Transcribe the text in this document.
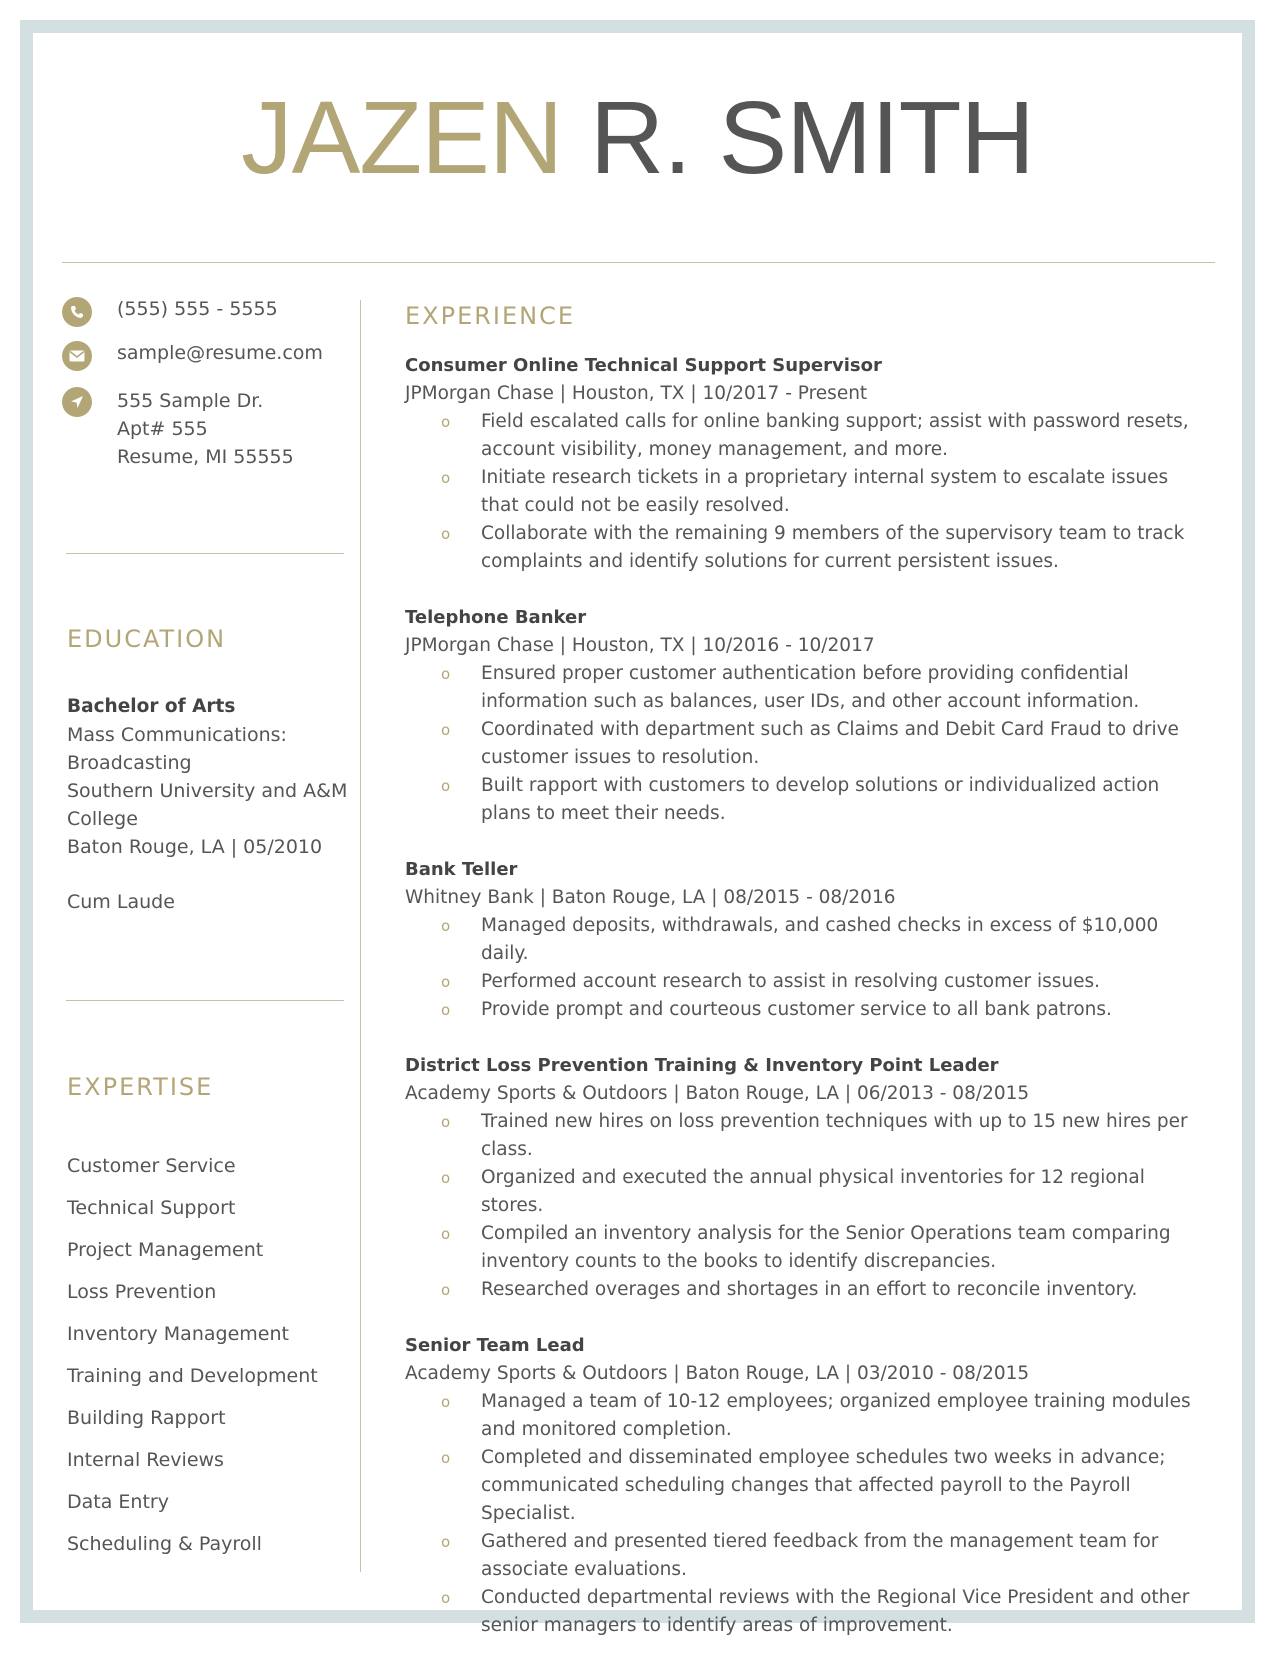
JAZEN R. SMITH
(555) 555 - 5555
sample@resume.com
555 Sample Dr.
Apt# 555
Resume, MI 55555
EDUCATION

Bachelor of Arts

Mass Communications:

Broadcasting

Southern University and A&M

College

Baton Rouge, LA | 05/2010

Cum Laude

EXPERTISE
Customer Service
Technical Support
Project Management
Loss Prevention
Inventory Management
Training and Development
Building Rapport
Internal Reviews
Data Entry
Scheduling & Payroll
EXPERIENCE
Consumer Online Technical Support Supervisor
JPMorgan Chase | Houston, TX | 10/2017 - Present
o Field escalated calls for online banking support; assist with password resets, account visibility, money management, and more.
o Initiate research tickets in a proprietary internal system to escalate issues that could not be easily resolved.
o Collaborate with the remaining 9 members of the supervisory team to track complaints and identify solutions for current persistent issues.
Telephone Banker
JPMorgan Chase | Houston, TX | 10/2016 - 10/2017
o Ensured proper customer authentication before providing confidential information such as balances, user IDs, and other account information.
o Coordinated with department such as Claims and Debit Card Fraud to drive customer issues to resolution.
o Built rapport with customers to develop solutions or individualized action plans to meet their needs.
Bank Teller
Whitney Bank | Baton Rouge, LA | 08/2015 - 08/2016
o Managed deposits, withdrawals, and cashed checks in excess of $10,000 daily.
o Performed account research to assist in resolving customer issues.
o Provide prompt and courteous customer service to all bank patrons.
District Loss Prevention Training & Inventory Point Leader
Academy Sports & Outdoors | Baton Rouge, LA | 06/2013 - 08/2015
o Trained new hires on loss prevention techniques with up to 15 new hires per class.
o Organized and executed the annual physical inventories for 12 regional stores.
o Compiled an inventory analysis for the Senior Operations team comparing inventory counts to the books to identify discrepancies.
o Researched overages and shortages in an effort to reconcile inventory.
Senior Team Lead
Academy Sports & Outdoors | Baton Rouge, LA | 03/2010 - 08/2015
o Managed a team of 10-12 employees; organized employee training modules and monitored completion.
o Completed and disseminated employee schedules two weeks in advance; communicated scheduling changes that affected payroll to the Payroll Specialist.
o Gathered and presented tiered feedback from the management team for associate evaluations.
o Conducted departmental reviews with the Regional Vice President and other senior managers to identify areas of improvement.
